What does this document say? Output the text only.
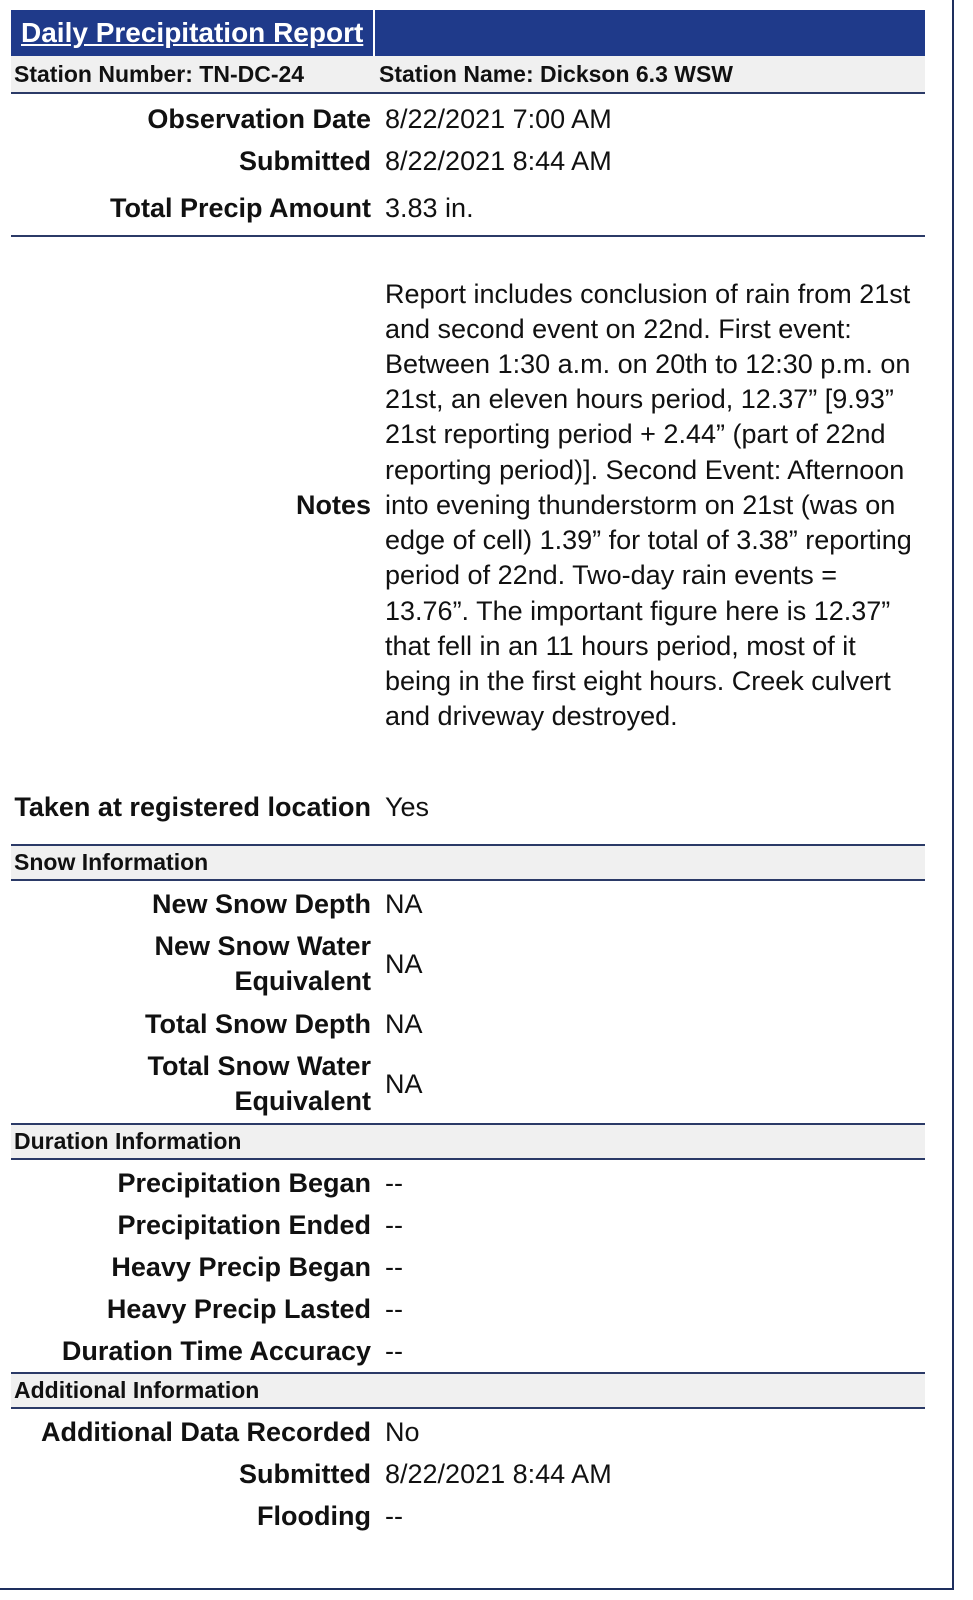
Daily Precipitation Report
Station Number: TN-DC-24	Station Name: Dickson 6.3 WSW
Observation Date 8/22/2021 7:00 AM
Submitted 8/22/2021 8:44 AM
Total Precip Amount 3.83 in.
Notes
Report includes conclusion of rain from 21st and second event on 22nd. First event: Between 1:30 a.m. on 20th to 12:30 p.m. on 21st, an eleven hours period, 12.37” [9.93” 21st reporting period + 2.44” (part of 22nd reporting period)]. Second Event: Afternoon into evening thunderstorm on 21st (was on edge of cell) 1.39” for total of 3.38” reporting period of 22nd. Two-day rain events = 13.76”. The important figure here is 12.37” that fell in an 11 hours period, most of it being in the first eight hours. Creek culvert and driveway destroyed.
Taken at registered location Yes
Snow Information
New Snow Depth NA
New Snow Water Equivalent
NA
Total Snow Depth NA
Total Snow Water Equivalent
NA
Duration Information
Precipitation Began --
Precipitation Ended --
Heavy Precip Began --
Heavy Precip Lasted --
Duration Time Accuracy --
Additional Information
Additional Data Recorded No
Submitted 8/22/2021 8:44 AM
Flooding --
